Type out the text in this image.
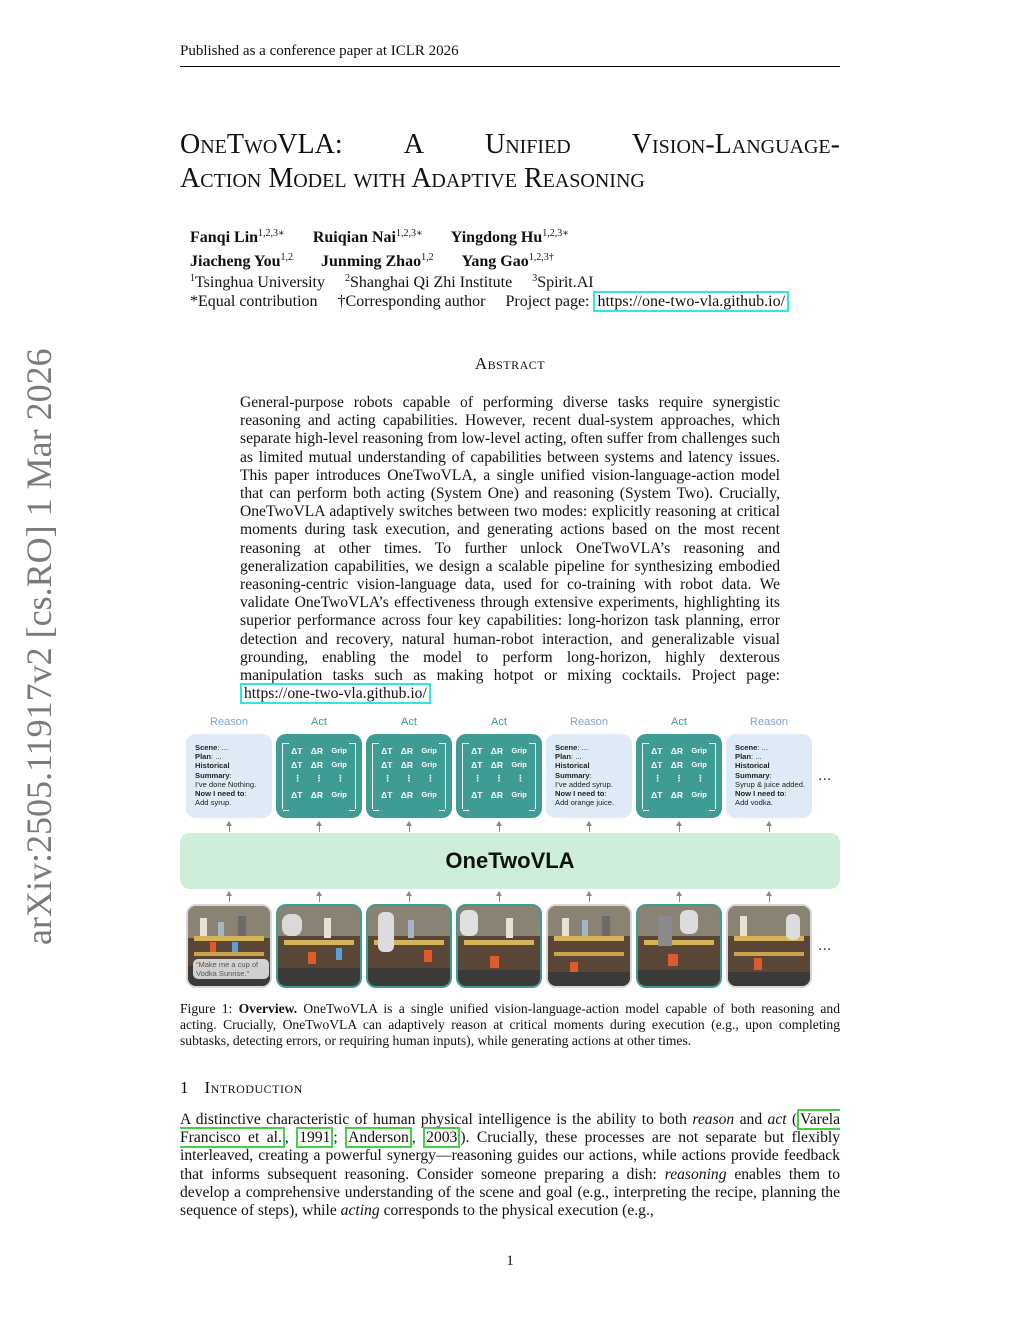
Published as a conference paper at ICLR 2026
arXiv:2505.11917v2 [cs.RO] 1 Mar 2026
OneTwoVLA: A Unified Vision-Language-
Action Model with Adaptive Reasoning
Fanqi Lin$^{1,2,3∗}$ Ruiqian Nai$^{1,2,3∗}$ Yingdong $Hu^{1,2,3∗}$
Jiacheng You$^{1,2}$ Junming Zhao$^{1,2}$ Yang Gao$^{1,2,3\dagger}$
$^1$Tsinghua University $^2$Shanghai Qi Zhi Institute $^3$Spirit.AI
*Equal contribution †Corresponding author Project page: https://one-two-vla.github.io/
Abstract
General-purpose robots capable of performing diverse tasks require synergistic reasoning and acting capabilities. However, recent dual-system approaches, which separate high-level reasoning from low-level acting, often suffer from challenges such as limited mutual understanding of capabilities between systems and latency issues. This paper introduces OneTwoVLA, a single unified vision-language-action model that can perform both acting (System One) and reasoning (System Two). Crucially, OneTwoVLA adaptively switches between two modes: explicitly reasoning at critical moments during task execution, and generating actions based on the most recent reasoning at other times. To further unlock OneTwoVLA’s reasoning and generalization capabilities, we design a scalable pipeline for synthesizing embodied reasoning-centric vision-language data, used for co-training with robot data. We validate OneTwoVLA’s effectiveness through extensive experiments, highlighting its superior performance across four key capabilities: long-horizon task planning, error detection and recovery, natural human-robot interaction, and generalizable visual grounding, enabling the model to perform long-horizon, highly dexterous manipulation tasks such as making hotpot or mixing cocktails. Project page: https://one-two-vla.github.io/
Reason	Act	Act	Act	Reason	Act	Reason
Scene: ...
Plan: ...
Historical Summary:
I’ve done Nothing.
Now I need to:
Add syrup.
ΔT ΔR Grip
ΔT ΔR Grip
⋮ ⋮ ⋮
ΔT ΔR Grip
ΔT ΔR Grip
ΔT ΔR Grip
⋮ ⋮ ⋮
ΔT ΔR Grip
ΔT ΔR Grip
ΔT ΔR Grip
⋮ ⋮ ⋮
ΔT ΔR Grip
Scene: ...
Plan: ...
Historical Summary:
I’ve added syrup.
Now I need to:
Add orange juice.
ΔT ΔR Grip
ΔT ΔR Grip
⋮ ⋮ ⋮
ΔT ΔR Grip
Scene: ...
Plan: ...
Historical Summary:
Syrup & juice added.
Now I need to:
Add vodka.
...
OneTwoVLA
“Make me a cup of Vodka Sunrise.”
...
Figure 1: Overview. OneTwoVLA is a single unified vision-language-action model capable of both reasoning and acting. Crucially, OneTwoVLA can adaptively reason at critical moments during execution (e.g., upon completing subtasks, detecting errors, or requiring human inputs), while generating actions at other times.
1 Introduction
A distinctive characteristic of human physical intelligence is the ability to both reason and act ( Varela Francisco et al. , 1991 ; Anderson , 2003 ). Crucially, these processes are not separate but flexibly interleaved, creating a powerful synergy—reasoning guides our actions, while actions provide feedback that informs subsequent reasoning. Consider someone preparing a dish: reasoning enables them to develop a comprehensive understanding of the scene and goal (e.g., interpreting the recipe, planning the sequence of steps), while acting corresponds to the physical execution (e.g.,
1
